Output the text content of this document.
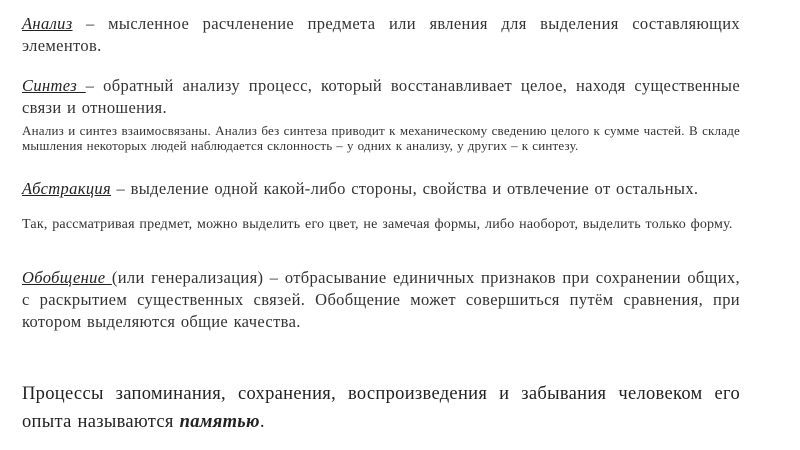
Анализ – мысленное расчленение предмета или явления для выделения составляющих элементов.

Синтез – обратный анализу процесс, который восстанавливает целое, находя существенные связи и отношения.

Анализ и синтез взаимосвязаны. Анализ без синтеза приводит к механическому сведению целого к сумме частей. В складе мышления некоторых людей наблюдается склонность – у одних к анализу, у других – к синтезу.

Абстракция – выделение одной какой-либо стороны, свойства и отвлечение от остальных.

Так, рассматривая предмет, можно выделить его цвет, не замечая формы, либо наоборот, выделить только форму.

Обобщение (или генерализация) – отбрасывание единичных признаков при сохранении общих, с раскрытием существенных связей. Обобщение может совершиться путём сравнения, при котором выделяются общие качества.

Процессы запоминания, сохранения, воспроизведения и забывания человеком его опыта называются памятью.
